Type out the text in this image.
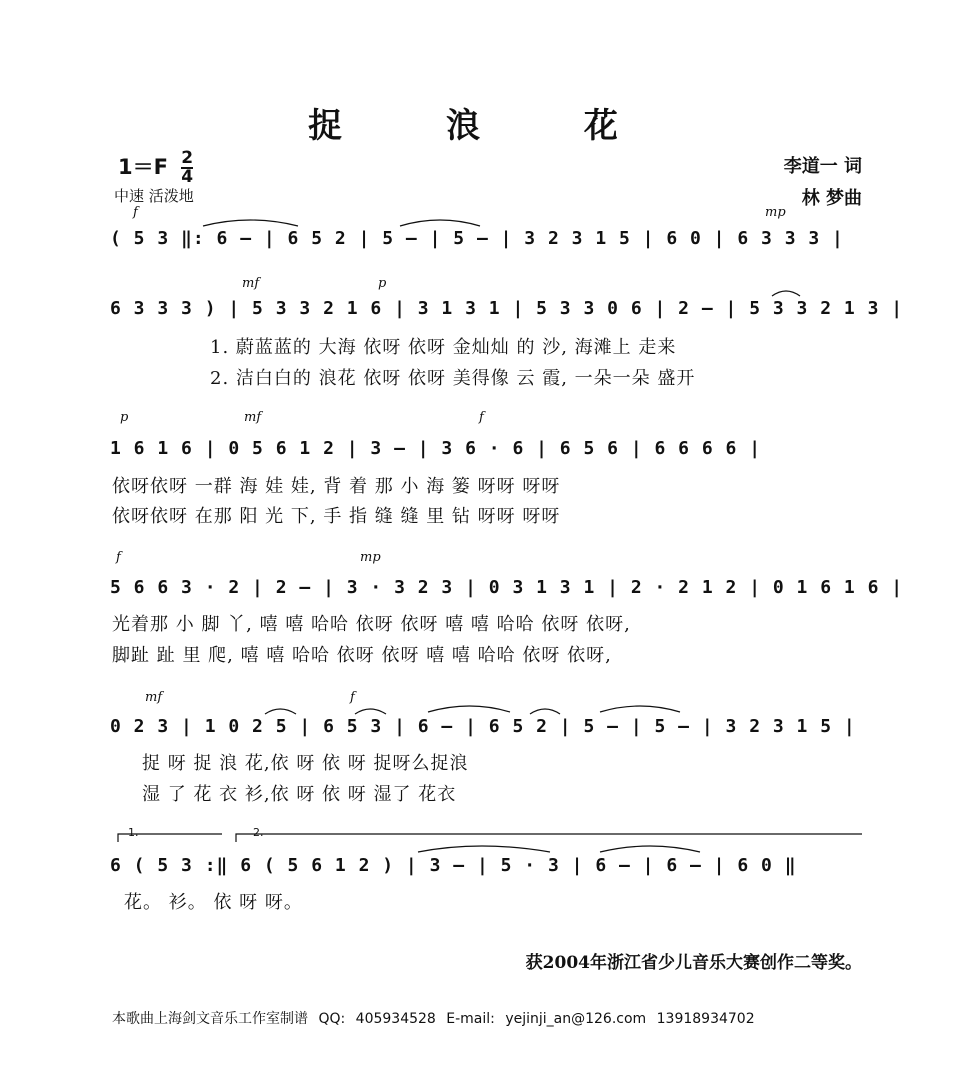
捉 浪 花
$1=F \frac{2}{4}$
中速 活泼地
李道一 词
林 梦曲
f	mp
mf	p
p	mf	f
f	mp
mf	f
( 5 3 ‖: 6 – | 6 5 2 | 5 – | 5 – | 3 2 3 1 5 | 6 0 | 6 3 3 3 |
6 3 3 3 ) | 5 3 3 2 1 6 | 3 1 3 1 | 5 3 3 0 6 | 2 – | 5 3 3 2 1 3 |
1. 蔚蓝蓝的 大海 依呀 依呀 金灿灿 的 沙, 海滩上 走来
2. 洁白白的 浪花 依呀 依呀 美得像 云 霞, 一朵一朵 盛开
1 6 1 6 | 0 5 6 1 2 | 3 – | 3 6 · 6 | 6 5 6 | 6 6 6 6 |
依呀依呀 一群 海 娃 娃, 背 着 那 小 海 篓 呀呀 呀呀
依呀依呀 在那 阳 光 下, 手 指 缝 缝 里 钻 呀呀 呀呀
5 6 6 3 · 2 | 2 – | 3 · 3 2 3 | 0 3 1 3 1 | 2 · 2 1 2 | 0 1 6 1 6 |
光着那 小 脚 丫, 嘻 嘻 哈哈 依呀 依呀 嘻 嘻 哈哈 依呀 依呀,
脚趾 趾 里 爬, 嘻 嘻 哈哈 依呀 依呀 嘻 嘻 哈哈 依呀 依呀,
0 2 3 | 1 0 2 5 | 6 5 3 | 6 – | 6 5 2 | 5 – | 5 – | 3 2 3 1 5 |
捉 呀 捉 浪 花,依 呀 依 呀 捉呀么捉浪
湿 了 花 衣 衫,依 呀 依 呀 湿了 花衣
1.	2.
6 ( 5 3 :‖ 6 ( 5 6 1 2 ) | 3 – | 5 · 3 | 6 – | 6 – | 6 0 ‖
花。 衫。 依 呀 呀。
获2004年浙江省少儿音乐大赛创作二等奖。
本歌曲上海剑文音乐工作室制谱 QQ: 405934528 E-mail: yejinji_an@126.com 13918934702
